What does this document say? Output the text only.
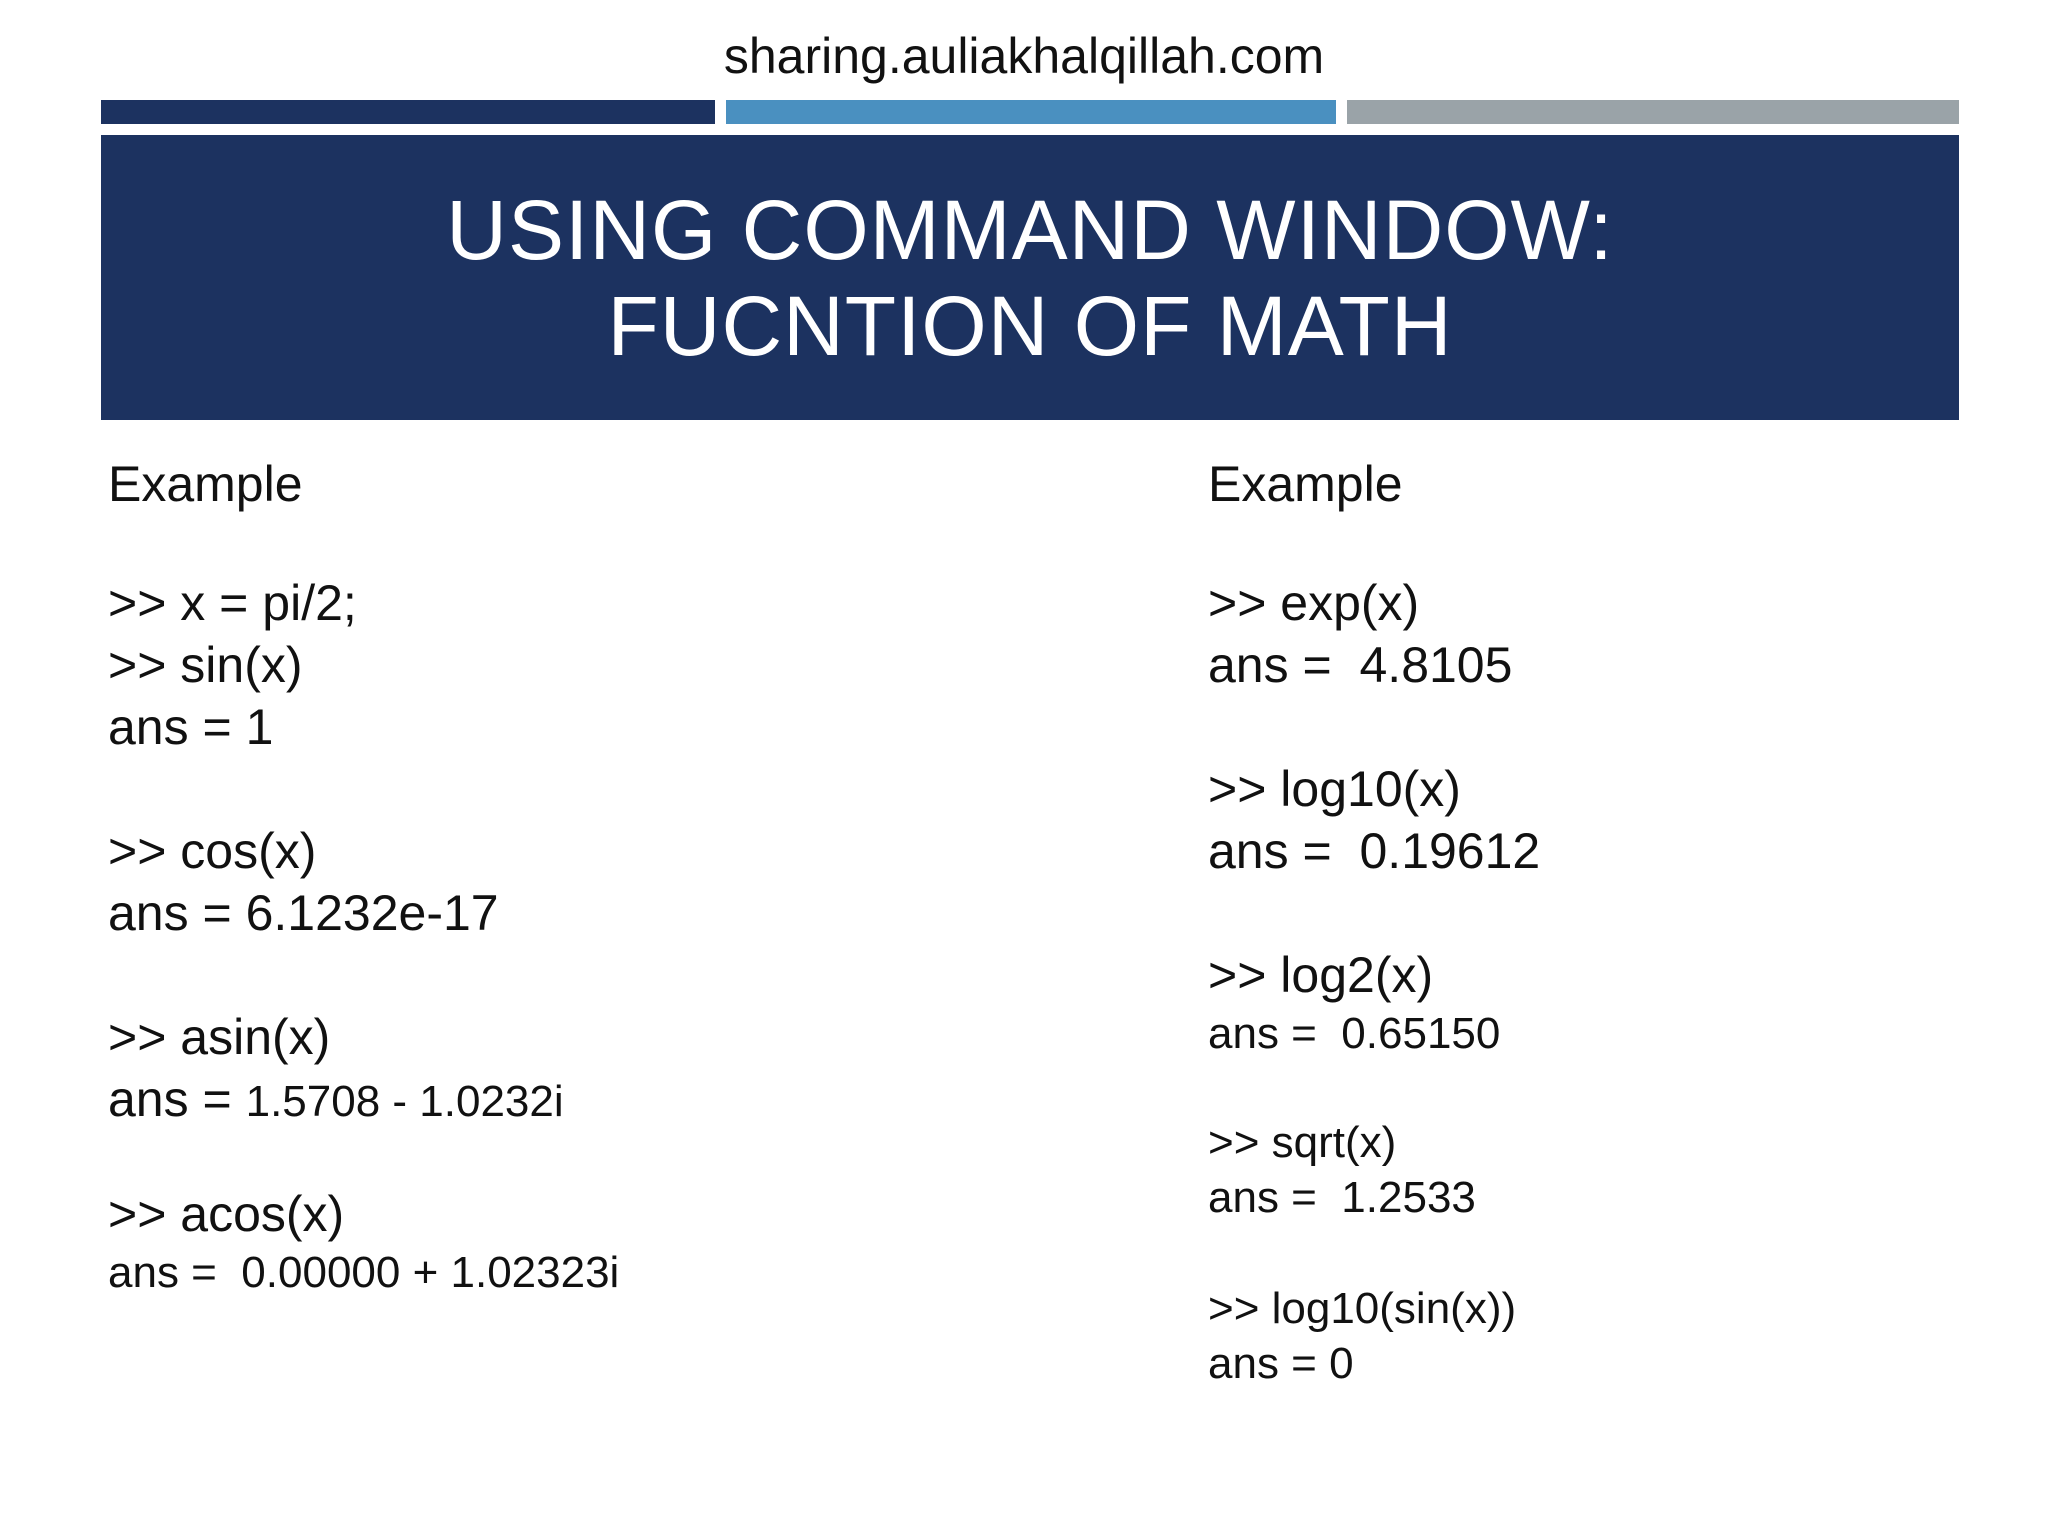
sharing.auliakhalqillah.com
USING COMMAND WINDOW:
FUCNTION OF MATH
Example
>> x = pi/2;
>> sin(x)
ans = 1
>> cos(x)
ans = 6.1232e-17
>> asin(x)
ans = 1.5708 - 1.0232i
>> acos(x)
ans =  0.00000 + 1.02323i
Example
>> exp(x)
ans =  4.8105
>> log10(x)
ans =  0.19612
>> log2(x)
ans =  0.65150
>> sqrt(x)
ans =  1.2533
>> log10(sin(x))
ans = 0
